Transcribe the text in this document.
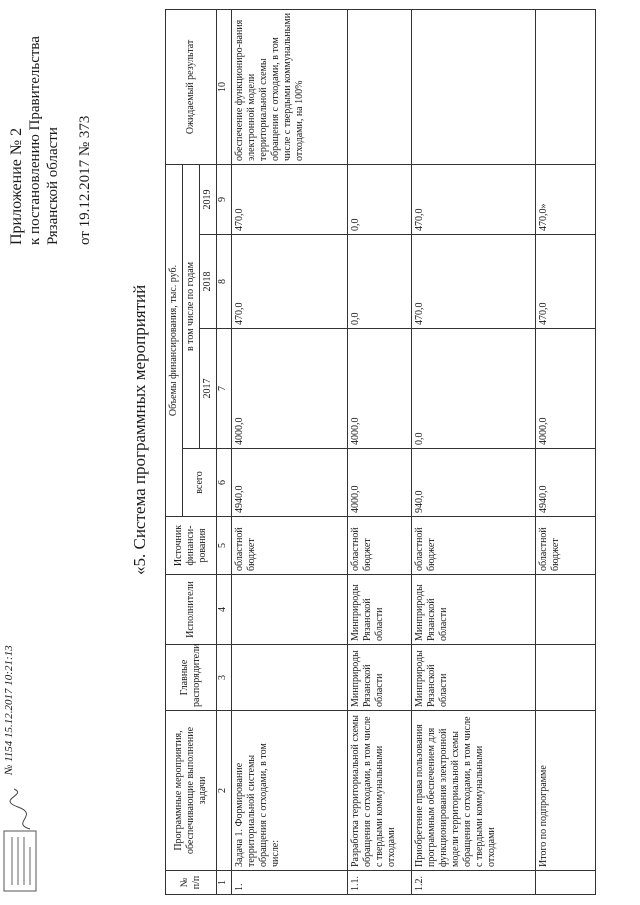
№ 1154 15.12.2017 10:21:13
Приложение № 2 к постановлению Правительства Рязанской области от 19.12.2017 № 373
«5. Система программных мероприятий
№ п/п	Программные мероприятия, обеспечивающие выполнение задачи	Главные распорядители	Исполнители	Источник финанси-рования	Объемы финансирования, тыс. руб.				Ожидаемый результат
					всего	в том числе по годам			
						2017	2018	2019	
1	2	3	4	5	6	7	8	9	10
1.	Задача 1. Формирование территориальной системы обращения с отходами, в том числе:			областной бюджет	4940,0	4000,0	470,0	470,0	обеспечение функциониро-вания электронной модели территориальной схемы обращения с отходами, в том числе с твердыми коммунальными отходами, на 100%
1.1.	Разработка территориальной схемы обращения с отходами, в том числе с твердыми коммунальными отходами	Минприроды Рязанской области	Минприроды Рязанской области	областной бюджет	4000,0	4000,0	0,0	0,0	
1.2.	Приобретение права пользования программным обеспечением для функционирования электронной модели территориальной схемы обращения с отходами, в том числе с твердыми коммунальными отходами	Минприроды Рязанской области	Минприроды Рязанской области	областной бюджет	940,0	0,0	470,0	470,0	
	Итого по подпрограмме			областной бюджет	4940,0	4000,0	470,0	470,0»	
